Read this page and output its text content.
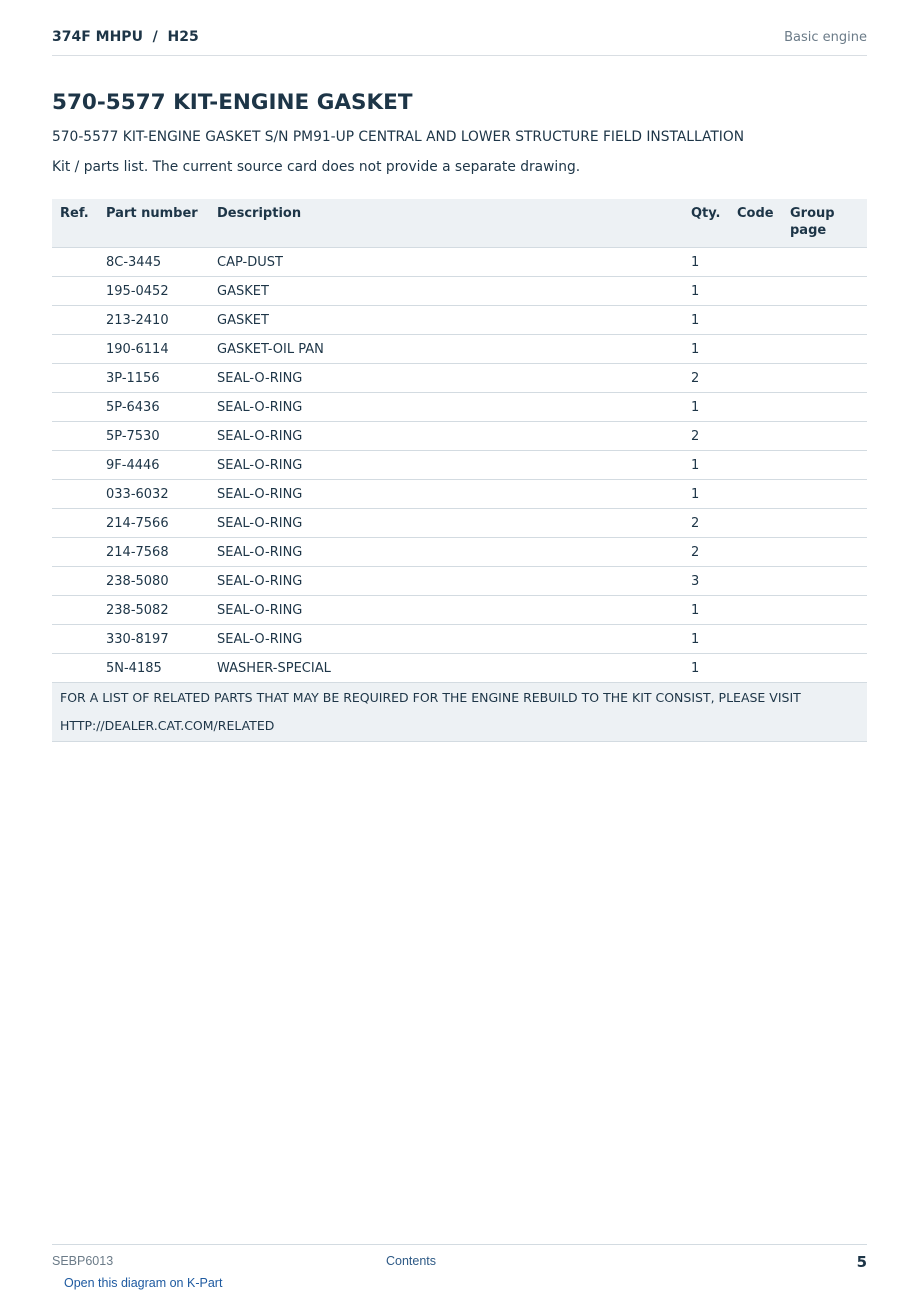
374F MHPU  /  H25	Basic engine
570-5577 KIT-ENGINE GASKET

570-5577 KIT-ENGINE GASKET S/N PM91-UP CENTRAL AND LOWER STRUCTURE FIELD INSTALLATION

Kit / parts list. The current source card does not provide a separate drawing.

Ref.	Part number	Description	Qty.	Code	Group page
	8C-3445	CAP-DUST	1		
	195-0452	GASKET	1		
	213-2410	GASKET	1		
	190-6114	GASKET-OIL PAN	1		
	3P-1156	SEAL-O-RING	2		
	5P-6436	SEAL-O-RING	1		
	5P-7530	SEAL-O-RING	2		
	9F-4446	SEAL-O-RING	1		
	033-6032	SEAL-O-RING	1		
	214-7566	SEAL-O-RING	2		
	214-7568	SEAL-O-RING	2		
	238-5080	SEAL-O-RING	3		
	238-5082	SEAL-O-RING	1		
	330-8197	SEAL-O-RING	1		
	5N-4185	WASHER-SPECIAL	1		
FOR A LIST OF RELATED PARTS THAT MAY BE REQUIRED FOR THE ENGINE REBUILD TO THE KIT CONSIST, PLEASE VISIT HTTP://DEALER.CAT.COM/RELATED					
SEBP6013	Contents	5
Open this diagram on K-Part
